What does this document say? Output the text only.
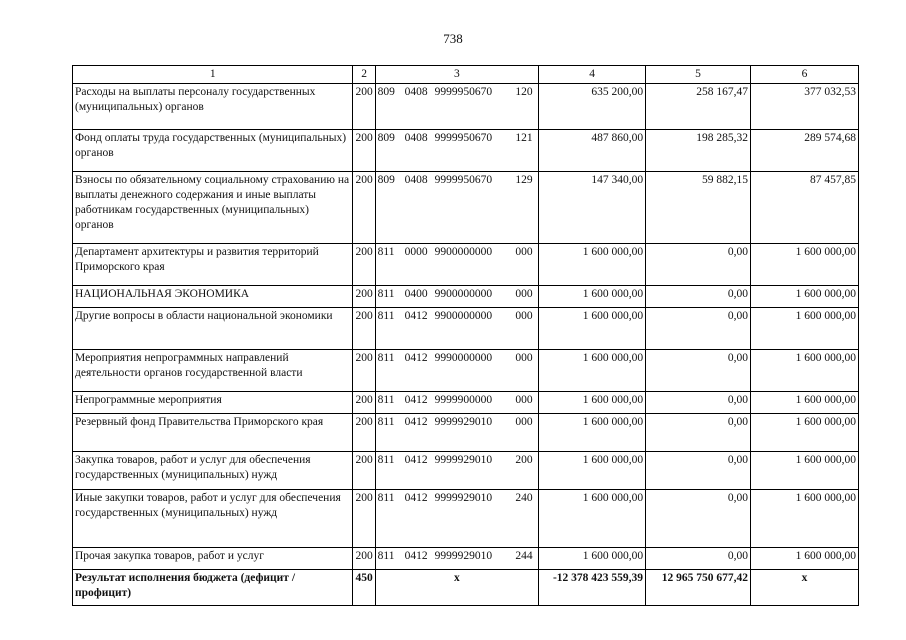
738
1	2	3	4	5	6
Расходы на выплаты персоналу государственных (муниципальных) органов	200	809 0408 9999950670 120	635 200,00	258 167,47	377 032,53
Фонд оплаты труда государственных (муниципальных) органов	200	809 0408 9999950670 121	487 860,00	198 285,32	289 574,68
Взносы по обязательному социальному страхованию на выплаты денежного содержания и иные выплаты работникам государственных (муниципальных) органов	200	809 0408 9999950670 129	147 340,00	59 882,15	87 457,85
Департамент архитектуры и развития территорий Приморского края	200	811 0000 9900000000 000	1 600 000,00	0,00	1 600 000,00
НАЦИОНАЛЬНАЯ ЭКОНОМИКА	200	811 0400 9900000000 000	1 600 000,00	0,00	1 600 000,00
Другие вопросы в области национальной экономики	200	811 0412 9900000000 000	1 600 000,00	0,00	1 600 000,00
Мероприятия непрограммных направлений деятельности органов государственной власти	200	811 0412 9990000000 000	1 600 000,00	0,00	1 600 000,00
Непрограммные мероприятия	200	811 0412 9999900000 000	1 600 000,00	0,00	1 600 000,00
Резервный фонд Правительства Приморского края	200	811 0412 9999929010 000	1 600 000,00	0,00	1 600 000,00
Закупка товаров, работ и услуг для обеспечения государственных (муниципальных) нужд	200	811 0412 9999929010 200	1 600 000,00	0,00	1 600 000,00
Иные закупки товаров, работ и услуг для обеспечения государственных (муниципальных) нужд	200	811 0412 9999929010 240	1 600 000,00	0,00	1 600 000,00
Прочая закупка товаров, работ и услуг	200	811 0412 9999929010 244	1 600 000,00	0,00	1 600 000,00
Результат исполнения бюджета (дефицит / профицит)	450	x	-12 378 423 559,39	12 965 750 677,42	x
